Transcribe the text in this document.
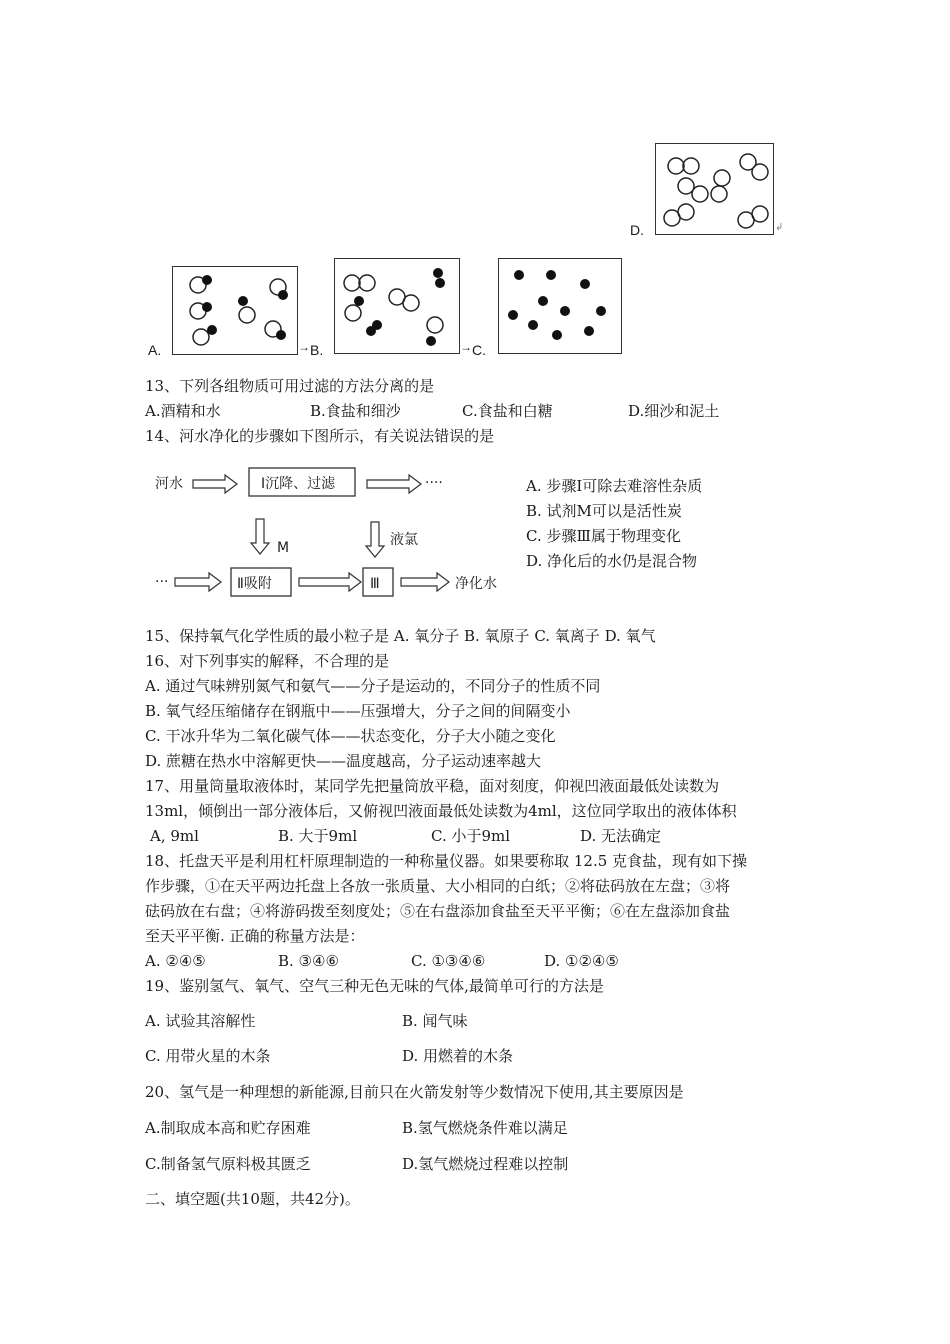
D.	↲
A.	→ B.	→ C.
13、下列各组物质可用过滤的方法分离的是
A.酒精和水	B.食盐和细沙	C.食盐和白糖	D.细沙和泥土
14、河水净化的步骤如下图所示，有关说法错误的是
河水	Ⅰ沉降、过滤	····
M	液氯
···	Ⅱ吸附	Ⅲ	净化水
A. 步骤Ⅰ可除去难溶性杂质
B. 试剂M可以是活性炭
C. 步骤Ⅲ属于物理变化
D. 净化后的水仍是混合物
15、保持氧气化学性质的最小粒子是 A. 氧分子 B. 氧原子 C. 氧离子 D. 氧气
16、对下列事实的解释，不合理的是
A. 通过气味辨别氮气和氨气——分子是运动的，不同分子的性质不同
B. 氧气经压缩储存在钢瓶中——压强增大，分子之间的间隔变小
C. 干冰升华为二氧化碳气体——状态变化，分子大小随之变化
D. 蔗糖在热水中溶解更快——温度越高，分子运动速率越大
17、用量筒量取液体时，某同学先把量筒放平稳，面对刻度，仰视凹液面最低处读数为
13ml，倾倒出一部分液体后，又俯视凹液面最低处读数为4ml，这位同学取出的液体体积
A, 9ml	B. 大于9ml	C. 小于9ml	D. 无法确定
18、托盘天平是利用杠杆原理制造的一种称量仪器。如果要称取 12.5 克食盐，现有如下操
作步骤，①在天平两边托盘上各放一张质量、大小相同的白纸；②将砝码放在左盘；③将
砝码放在右盘；④将游码拨至刻度处；⑤在右盘添加食盐至天平平衡；⑥在左盘添加食盐
至天平平衡. 正确的称量方法是：
A. ②④⑤	B. ③④⑥	C. ①③④⑥	D. ①②④⑤
19、鉴别氢气、氧气、空气三种无色无味的气体,最简单可行的方法是
A. 试验其溶解性	B. 闻气味
C. 用带火星的木条	D. 用燃着的木条
20、氢气是一种理想的新能源,目前只在火箭发射等少数情况下使用,其主要原因是
A.制取成本高和贮存困难	B.氢气燃烧条件难以满足
C.制备氢气原料极其匮乏	D.氢气燃烧过程难以控制
二、填空题(共10题，共42分)。
